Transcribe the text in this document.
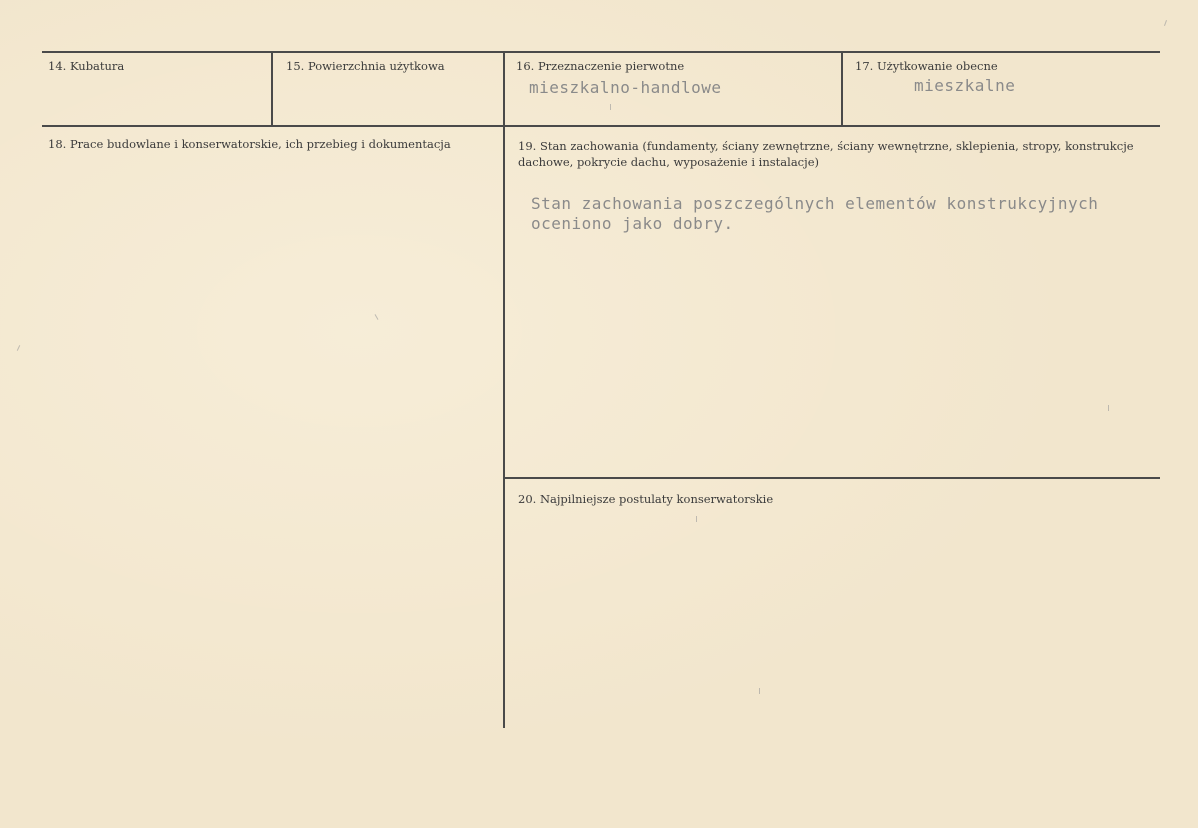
14. Kubatura	15. Powierzchnia użytkowa	16. Przeznaczenie pierwotne
mieszkalno-handlowe
17. Użytkowanie obecne
mieszkalne
18. Prace budowlane i konserwatorskie, ich przebieg i dokumentacja	19. Stan zachowania (fundamenty, ściany zewnętrzne, ściany wewnętrzne, sklepienia, stropy, konstrukcje
dachowe, pokrycie dachu, wyposażenie i instalacje)
Stan zachowania poszczególnych elementów konstrukcyjnych
oceniono jako dobry.
20. Najpilniejsze postulaty konserwatorskie
